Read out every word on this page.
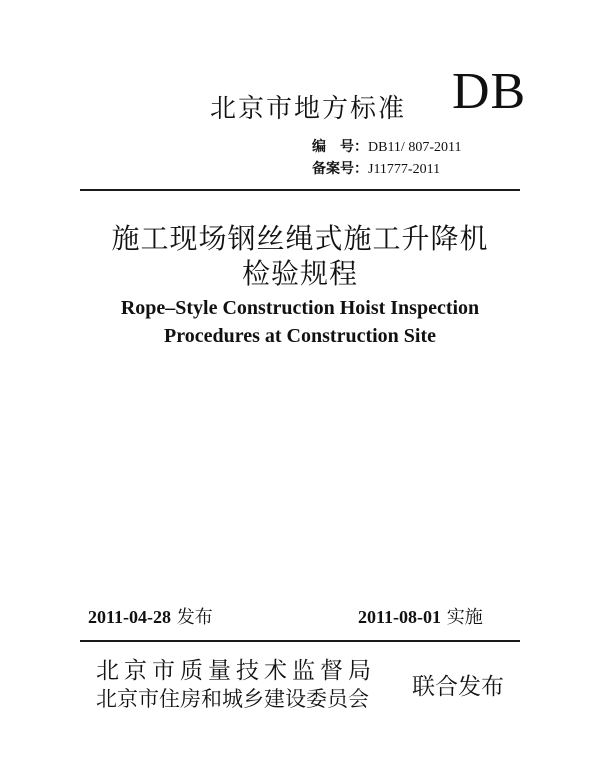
北京市地方标准 DB
编　号：DB11/ 807-2011
备案号：J11777-2011
施工现场钢丝绳式施工升降机
检验规程
Rope–Style Construction Hoist Inspection
Procedures at Construction Site
2011-04-28 发布	2011-08-01 实施
北京市质量技术监督局
北京市住房和城乡建设委员会 联合发布
